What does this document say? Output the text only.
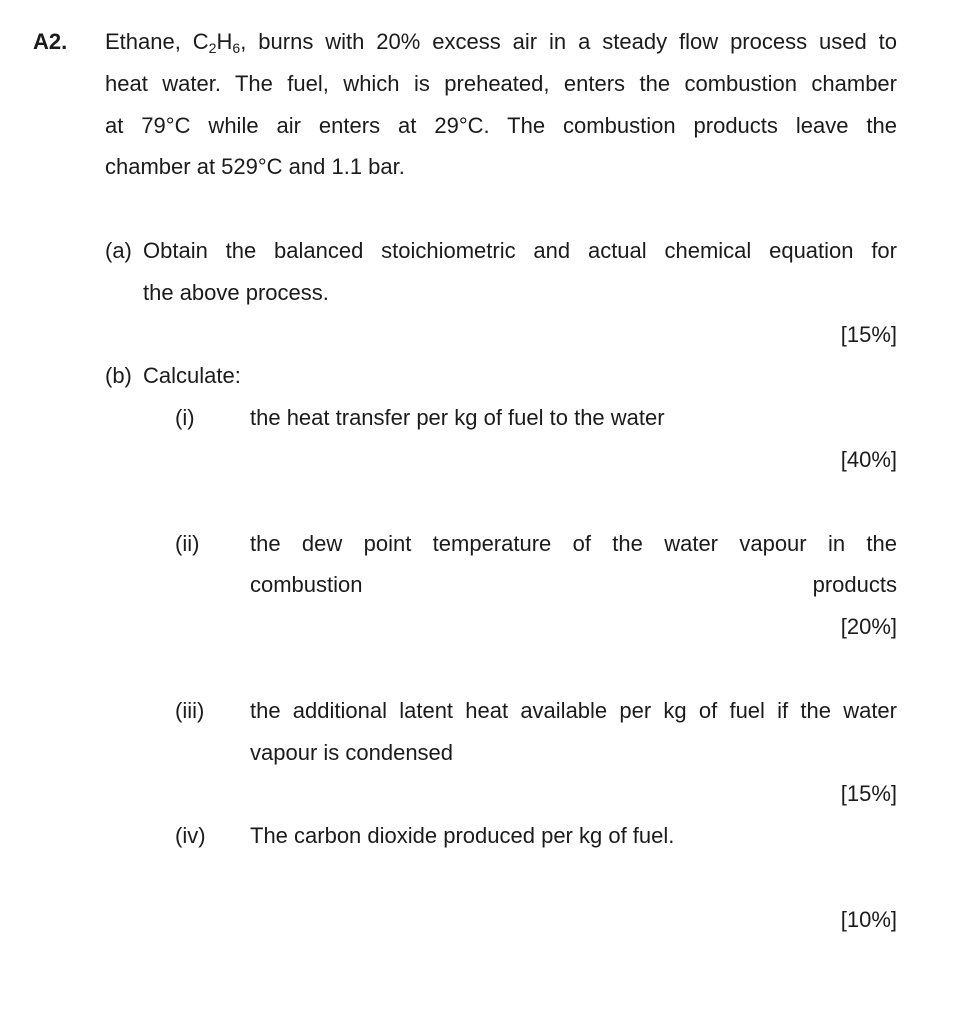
A2. Ethane, C2H6, burns with 20% excess air in a steady flow process used to
heat water. The fuel, which is preheated, enters the combustion chamber
at 79°C while air enters at 29°C. The combustion products leave the
chamber at 529°C and 1.1 bar.
(a) Obtain the balanced stoichiometric and actual chemical equation for
the above process.
[15%]
(b) Calculate:
(i)	the heat transfer per kg of fuel to the water
[40%]
(ii) the dew point temperature of the water vapour in the
combustion	products
[20%]
(iii) the additional latent heat available per kg of fuel if the water
vapour is condensed
[15%]
(iv) The carbon dioxide produced per kg of fuel.
[10%]
